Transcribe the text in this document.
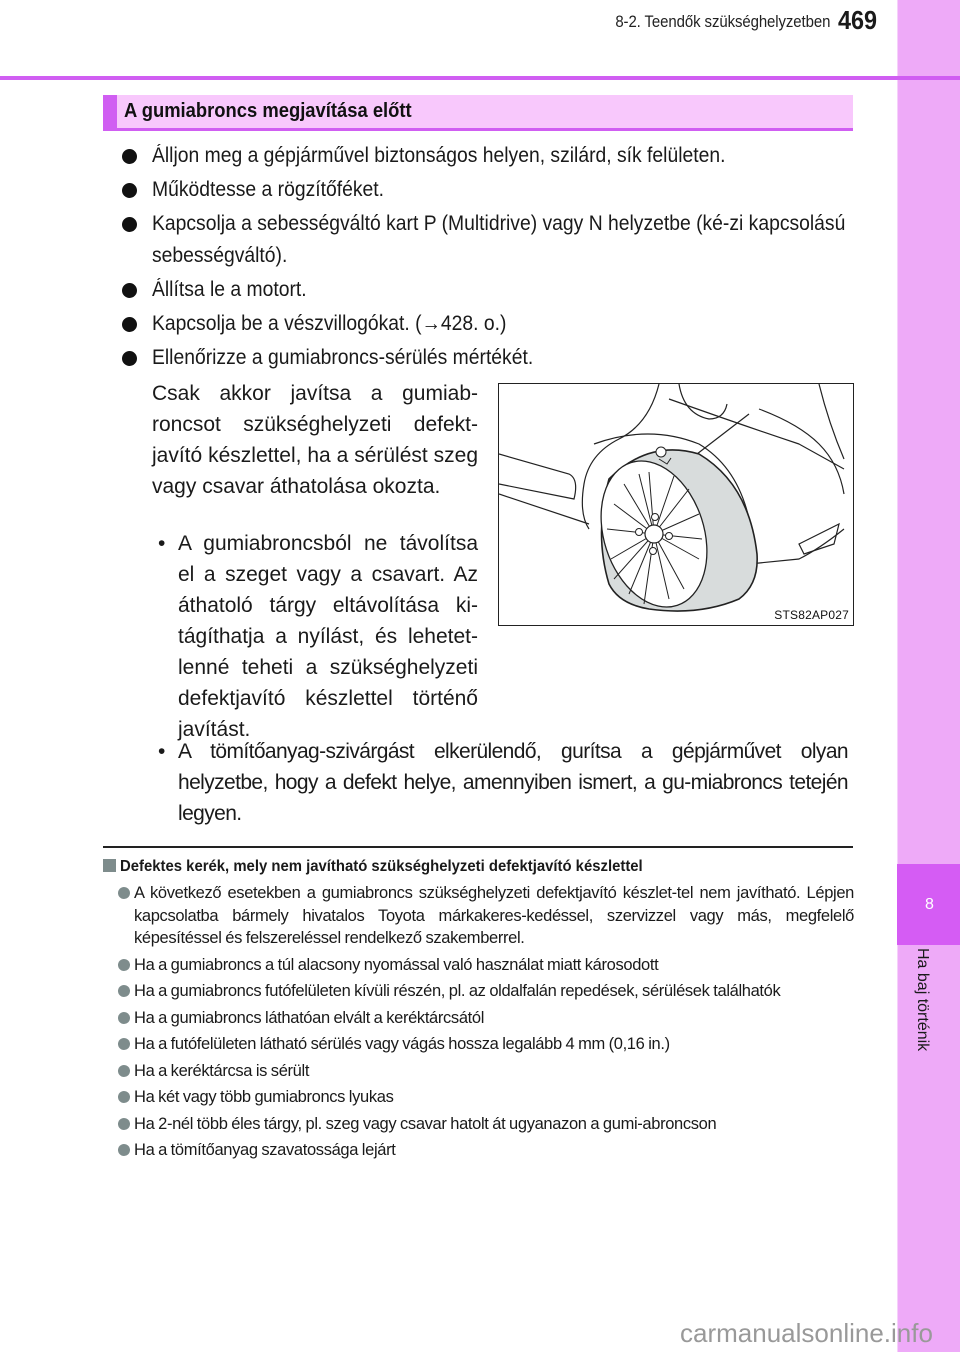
8
Ha baj történik
8-2. Teendők szükséghelyzetben 469
A gumiabroncs megjavítása előtt
Álljon meg a gépjárművel biztonságos helyen, szilárd, sík felületen.
Működtesse a rögzítőféket.
Kapcsolja a sebességváltó kart P (Multidrive) vagy N helyzetbe (ké-zi kapcsolású sebességváltó).
Állítsa le a motort.
Kapcsolja be a vészvillogókat. (→428. o.)
Ellenőrizze a gumiabroncs-sérülés mértékét.
Csak akkor javítsa a gumiab-roncsot szükséghelyzeti defekt-javító készlettel, ha a sérülést szeg vagy csavar áthatolása okozta.
• A gumiabroncsból ne távolítsa el a szeget vagy a csavart. Az áthatoló tárgy eltávolítása ki-tágíthatja a nyílást, és lehetet-lenné teheti a szükséghelyzeti defektjavító készlettel történő javítást.
• A tömítőanyag-szivárgást elkerülendő, gurítsa a gépjárművet olyan helyzetbe, hogy a defekt helye, amennyiben ismert, a gu-miabroncs tetején legyen.
STS82AP027
Defektes kerék, mely nem javítható szükséghelyzeti defektjavító készlettel
A következő esetekben a gumiabroncs szükséghelyzeti defektjavító készlet-tel nem javítható. Lépjen kapcsolatba bármely hivatalos Toyota márkakeres-kedéssel, szervizzel vagy más, megfelelő képesítéssel és felszereléssel rendelkező szakemberrel.
Ha a gumiabroncs a túl alacsony nyomással való használat miatt károsodott
Ha a gumiabroncs futófelületen kívüli részén, pl. az oldalfalán repedések, sérülések találhatók
Ha a gumiabroncs láthatóan elvált a keréktárcsától
Ha a futófelületen látható sérülés vagy vágás hossza legalább 4 mm (0,16 in.)
Ha a keréktárcsa is sérült
Ha két vagy több gumiabroncs lyukas
Ha 2-nél több éles tárgy, pl. szeg vagy csavar hatolt át ugyanazon a gumi-abroncson
Ha a tömítőanyag szavatossága lejárt
carmanualsonline.info
